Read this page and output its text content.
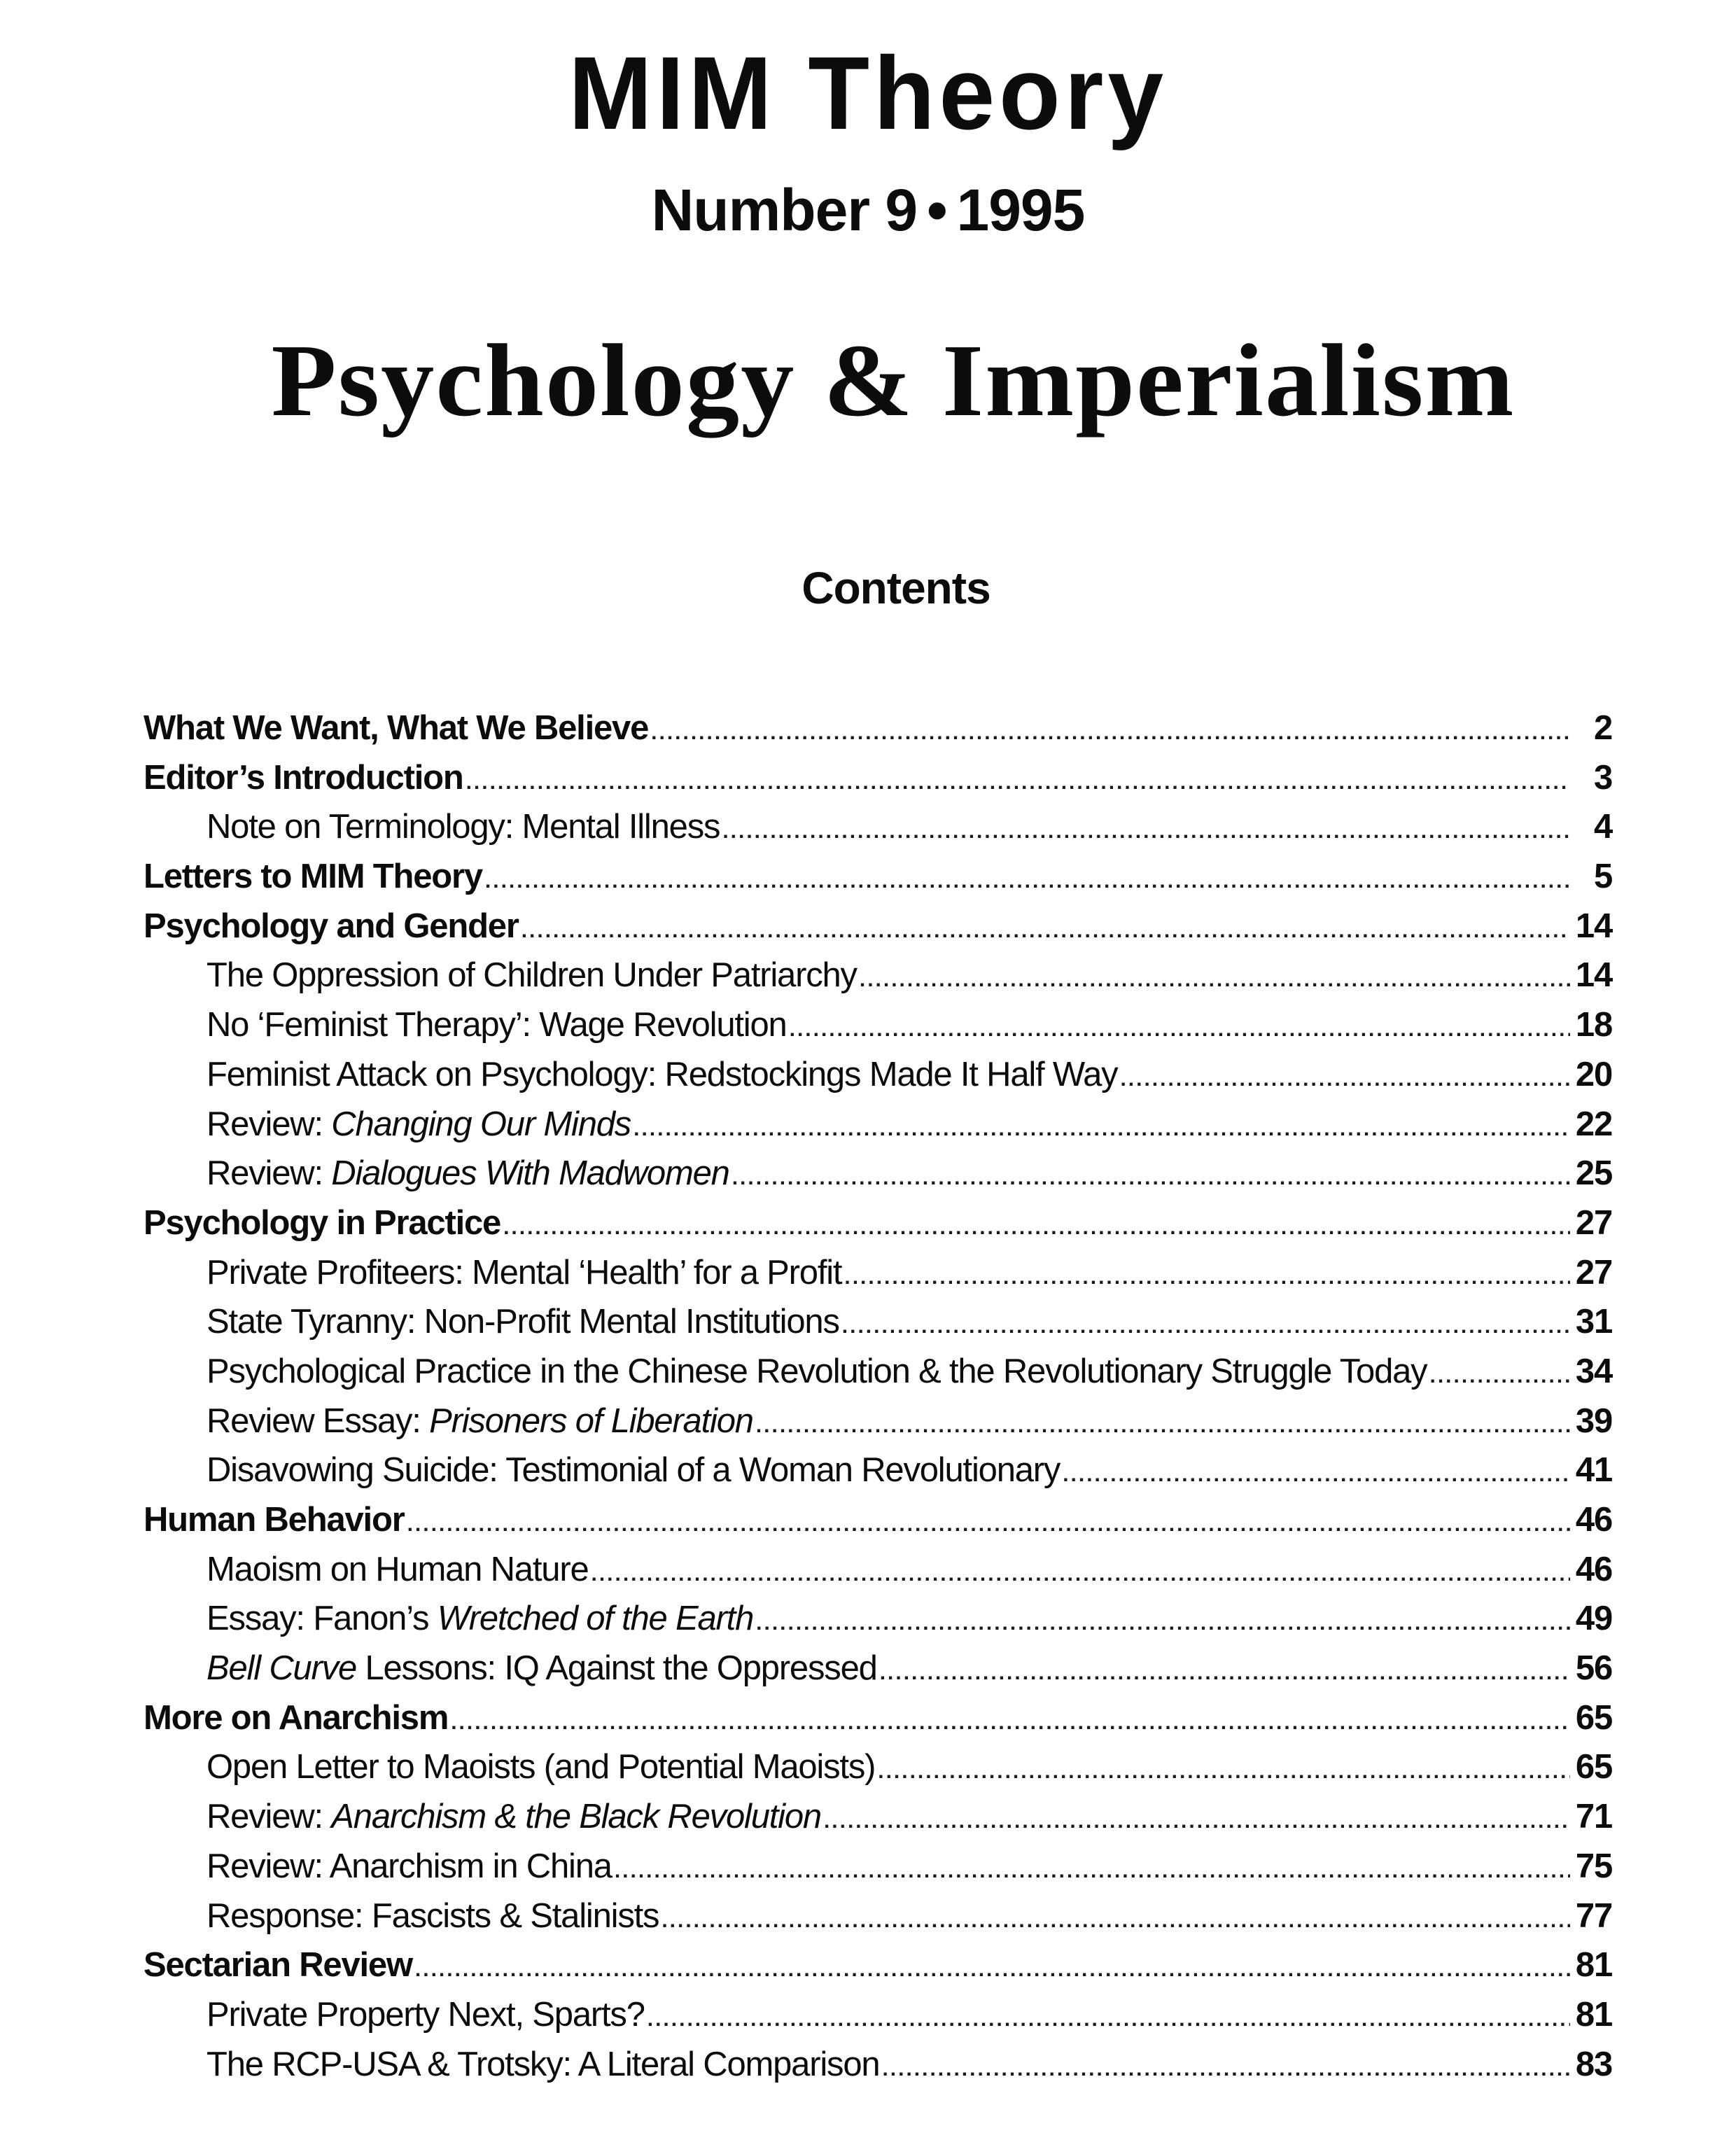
MIM Theory
Number 9 • 1995
Psychology & Imperialism
Contents
What We Want, What We Believe .....	2
Editor’s Introduction .....	3
Note on Terminology: Mental Illness .....	4
Letters to MIM Theory .....	5
Psychology and Gender .....	14
The Oppression of Children Under Patriarchy .....	14
No ‘Feminist Therapy’: Wage Revolution .....	18
Feminist Attack on Psychology: Redstockings Made It Half Way .....	20
Review: Changing Our Minds .....	22
Review: Dialogues With Madwomen .....	25
Psychology in Practice .....	27
Private Profiteers: Mental ‘Health’ for a Profit .....	27
State Tyranny: Non-Profit Mental Institutions .....	31
Psychological Practice in the Chinese Revolution & the Revolutionary Struggle Today .....	34
Review Essay: Prisoners of Liberation .....	39
Disavowing Suicide: Testimonial of a Woman Revolutionary .....	41
Human Behavior .....	46
Maoism on Human Nature .....	46
Essay: Fanon’s Wretched of the Earth .....	49
Bell Curve Lessons: IQ Against the Oppressed .....	56
More on Anarchism .....	65
Open Letter to Maoists (and Potential Maoists) .....	65
Review: Anarchism & the Black Revolution .....	71
Review: Anarchism in China .....	75
Response: Fascists & Stalinists .....	77
Sectarian Review .....	81
Private Property Next, Sparts? .....	81
The RCP-USA & Trotsky: A Literal Comparison .....	83
